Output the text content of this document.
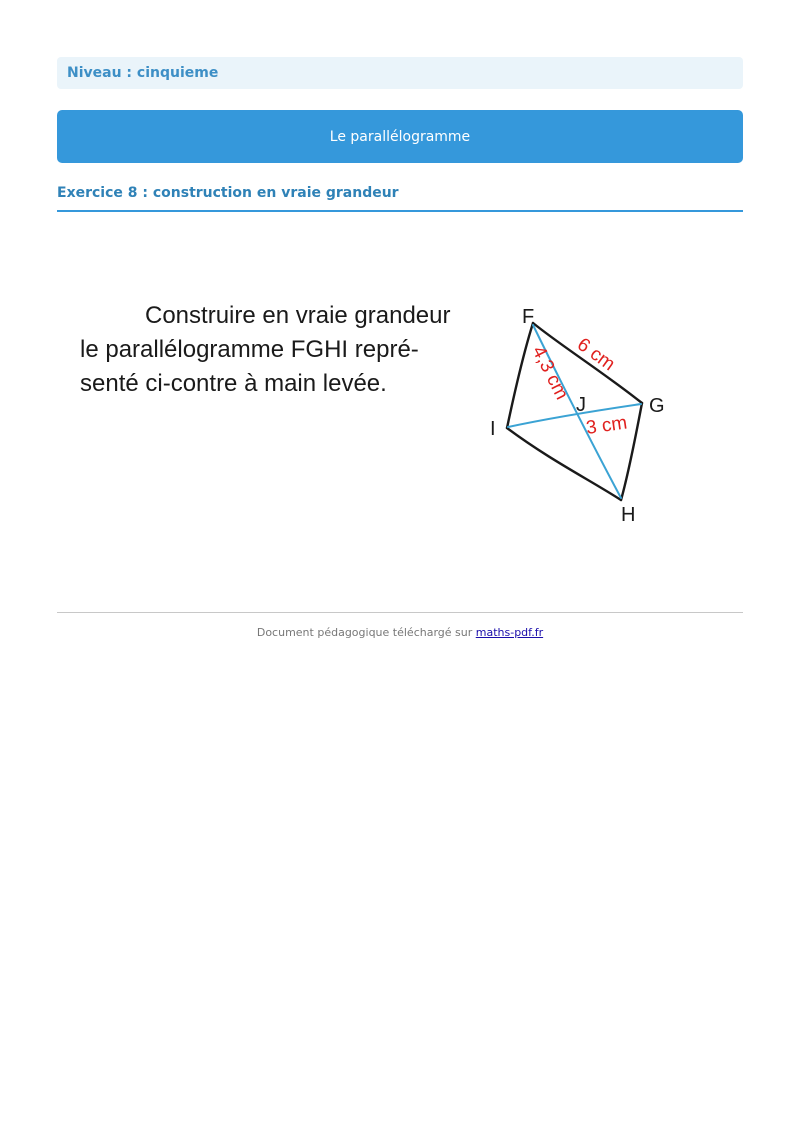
Niveau : cinquieme
Le parallélogramme
Exercice 8 : construction en vraie grandeur

Construire en vraie grandeur
le parallélogramme FGHI repré-
senté ci-contre à main levée.

F
G
H
I
J
6 cm
4,3 cm
3 cm
Document pédagogique téléchargé sur maths-pdf.fr
